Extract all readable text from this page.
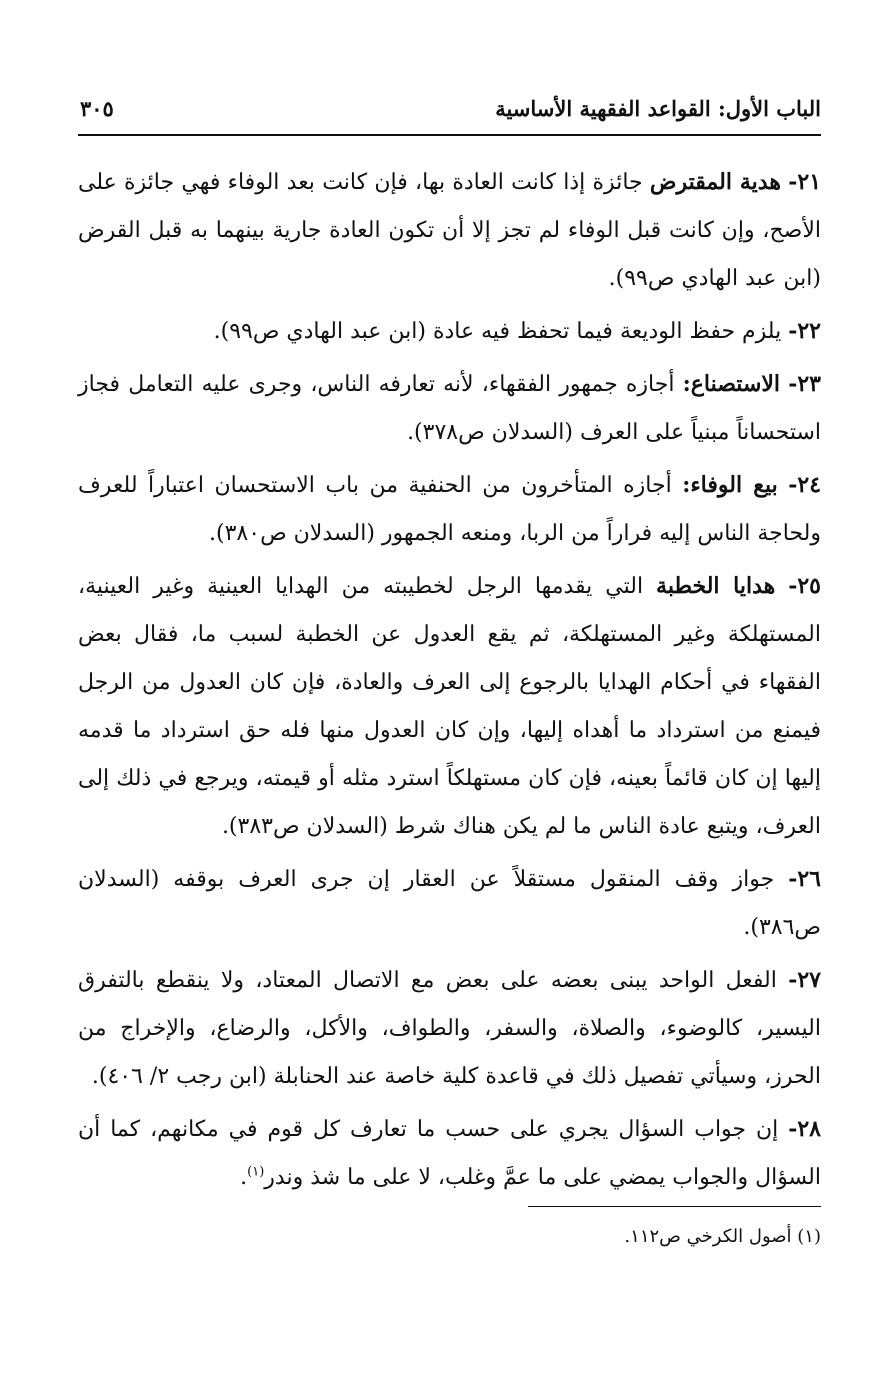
الباب الأول: القواعد الفقهية الأساسية
٣٠٥

٢١- هدية المقترض جائزة إذا كانت العادة بها، فإن كانت بعد الوفاء فهي جائزة على الأصح، وإن كانت قبل الوفاء لم تجز إلا أن تكون العادة جارية بينهما به قبل القرض (ابن عبد الهادي ص٩٩).

٢٢- يلزم حفظ الوديعة فيما تحفظ فيه عادة (ابن عبد الهادي ص٩٩).

٢٣- الاستصناع: أجازه جمهور الفقهاء، لأنه تعارفه الناس، وجرى عليه التعامل فجاز استحساناً مبنياً على العرف (السدلان ص٣٧٨).

٢٤- بيع الوفاء: أجازه المتأخرون من الحنفية من باب الاستحسان اعتباراً للعرف ولحاجة الناس إليه فراراً من الربا، ومنعه الجمهور (السدلان ص٣٨٠).

٢٥- هدايا الخطبة التي يقدمها الرجل لخطيبته من الهدايا العينية وغير العينية، المستهلكة وغير المستهلكة، ثم يقع العدول عن الخطبة لسبب ما، فقال بعض الفقهاء في أحكام الهدايا بالرجوع إلى العرف والعادة، فإن كان العدول من الرجل فيمنع من استرداد ما أهداه إليها، وإن كان العدول منها فله حق استرداد ما قدمه إليها إن كان قائماً بعينه، فإن كان مستهلكاً استرد مثله أو قيمته، ويرجع في ذلك إلى العرف، ويتبع عادة الناس ما لم يكن هناك شرط (السدلان ص٣٨٣).

٢٦- جواز وقف المنقول مستقلاً عن العقار إن جرى العرف بوقفه (السدلان ص٣٨٦).

٢٧- الفعل الواحد يبنى بعضه على بعض مع الاتصال المعتاد، ولا ينقطع بالتفرق اليسير، كالوضوء، والصلاة، والسفر، والطواف، والأكل، والرضاع، والإخراج من الحرز، وسيأتي تفصيل ذلك في قاعدة كلية خاصة عند الحنابلة (ابن رجب ٢/ ٤٠٦).

٢٨- إن جواب السؤال يجري على حسب ما تعارف كل قوم في مكانهم، كما أن السؤال والجواب يمضي على ما عمَّ وغلب، لا على ما شذ وندر$^{(١)}$.

(١) أصول الكرخي ص١١٢.
